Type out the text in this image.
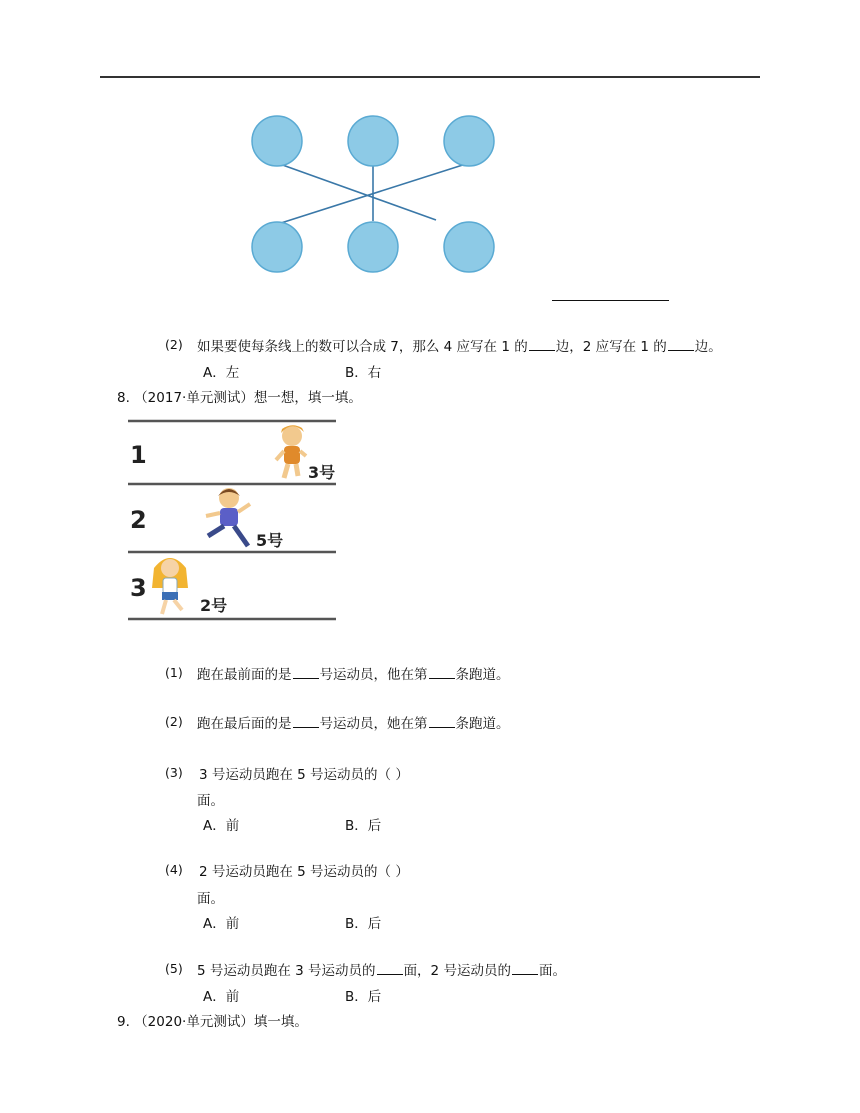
(2) 如果要使每条线上的数可以合成 7，那么 4 应写在 1 的 边，2 应写在 1 的 边。
A．左	B．右
8. （2017·单元测试）想一想，填一填。
1
2
3
3号
5号
2号
(1) 跑在最前面的是 号运动员，他在第 条跑道。
(2) 跑在最后面的是 号运动员，她在第 条跑道。
(3) 3 号运动员跑在 5 号运动员的（ ）
面。
A．前	B．后
(4) 2 号运动员跑在 5 号运动员的（ ）
面。
A．前	B．后
(5) 5 号运动员跑在 3 号运动员的 面，2 号运动员的 面。
A．前	B．后
9. （2020·单元测试）填一填。
